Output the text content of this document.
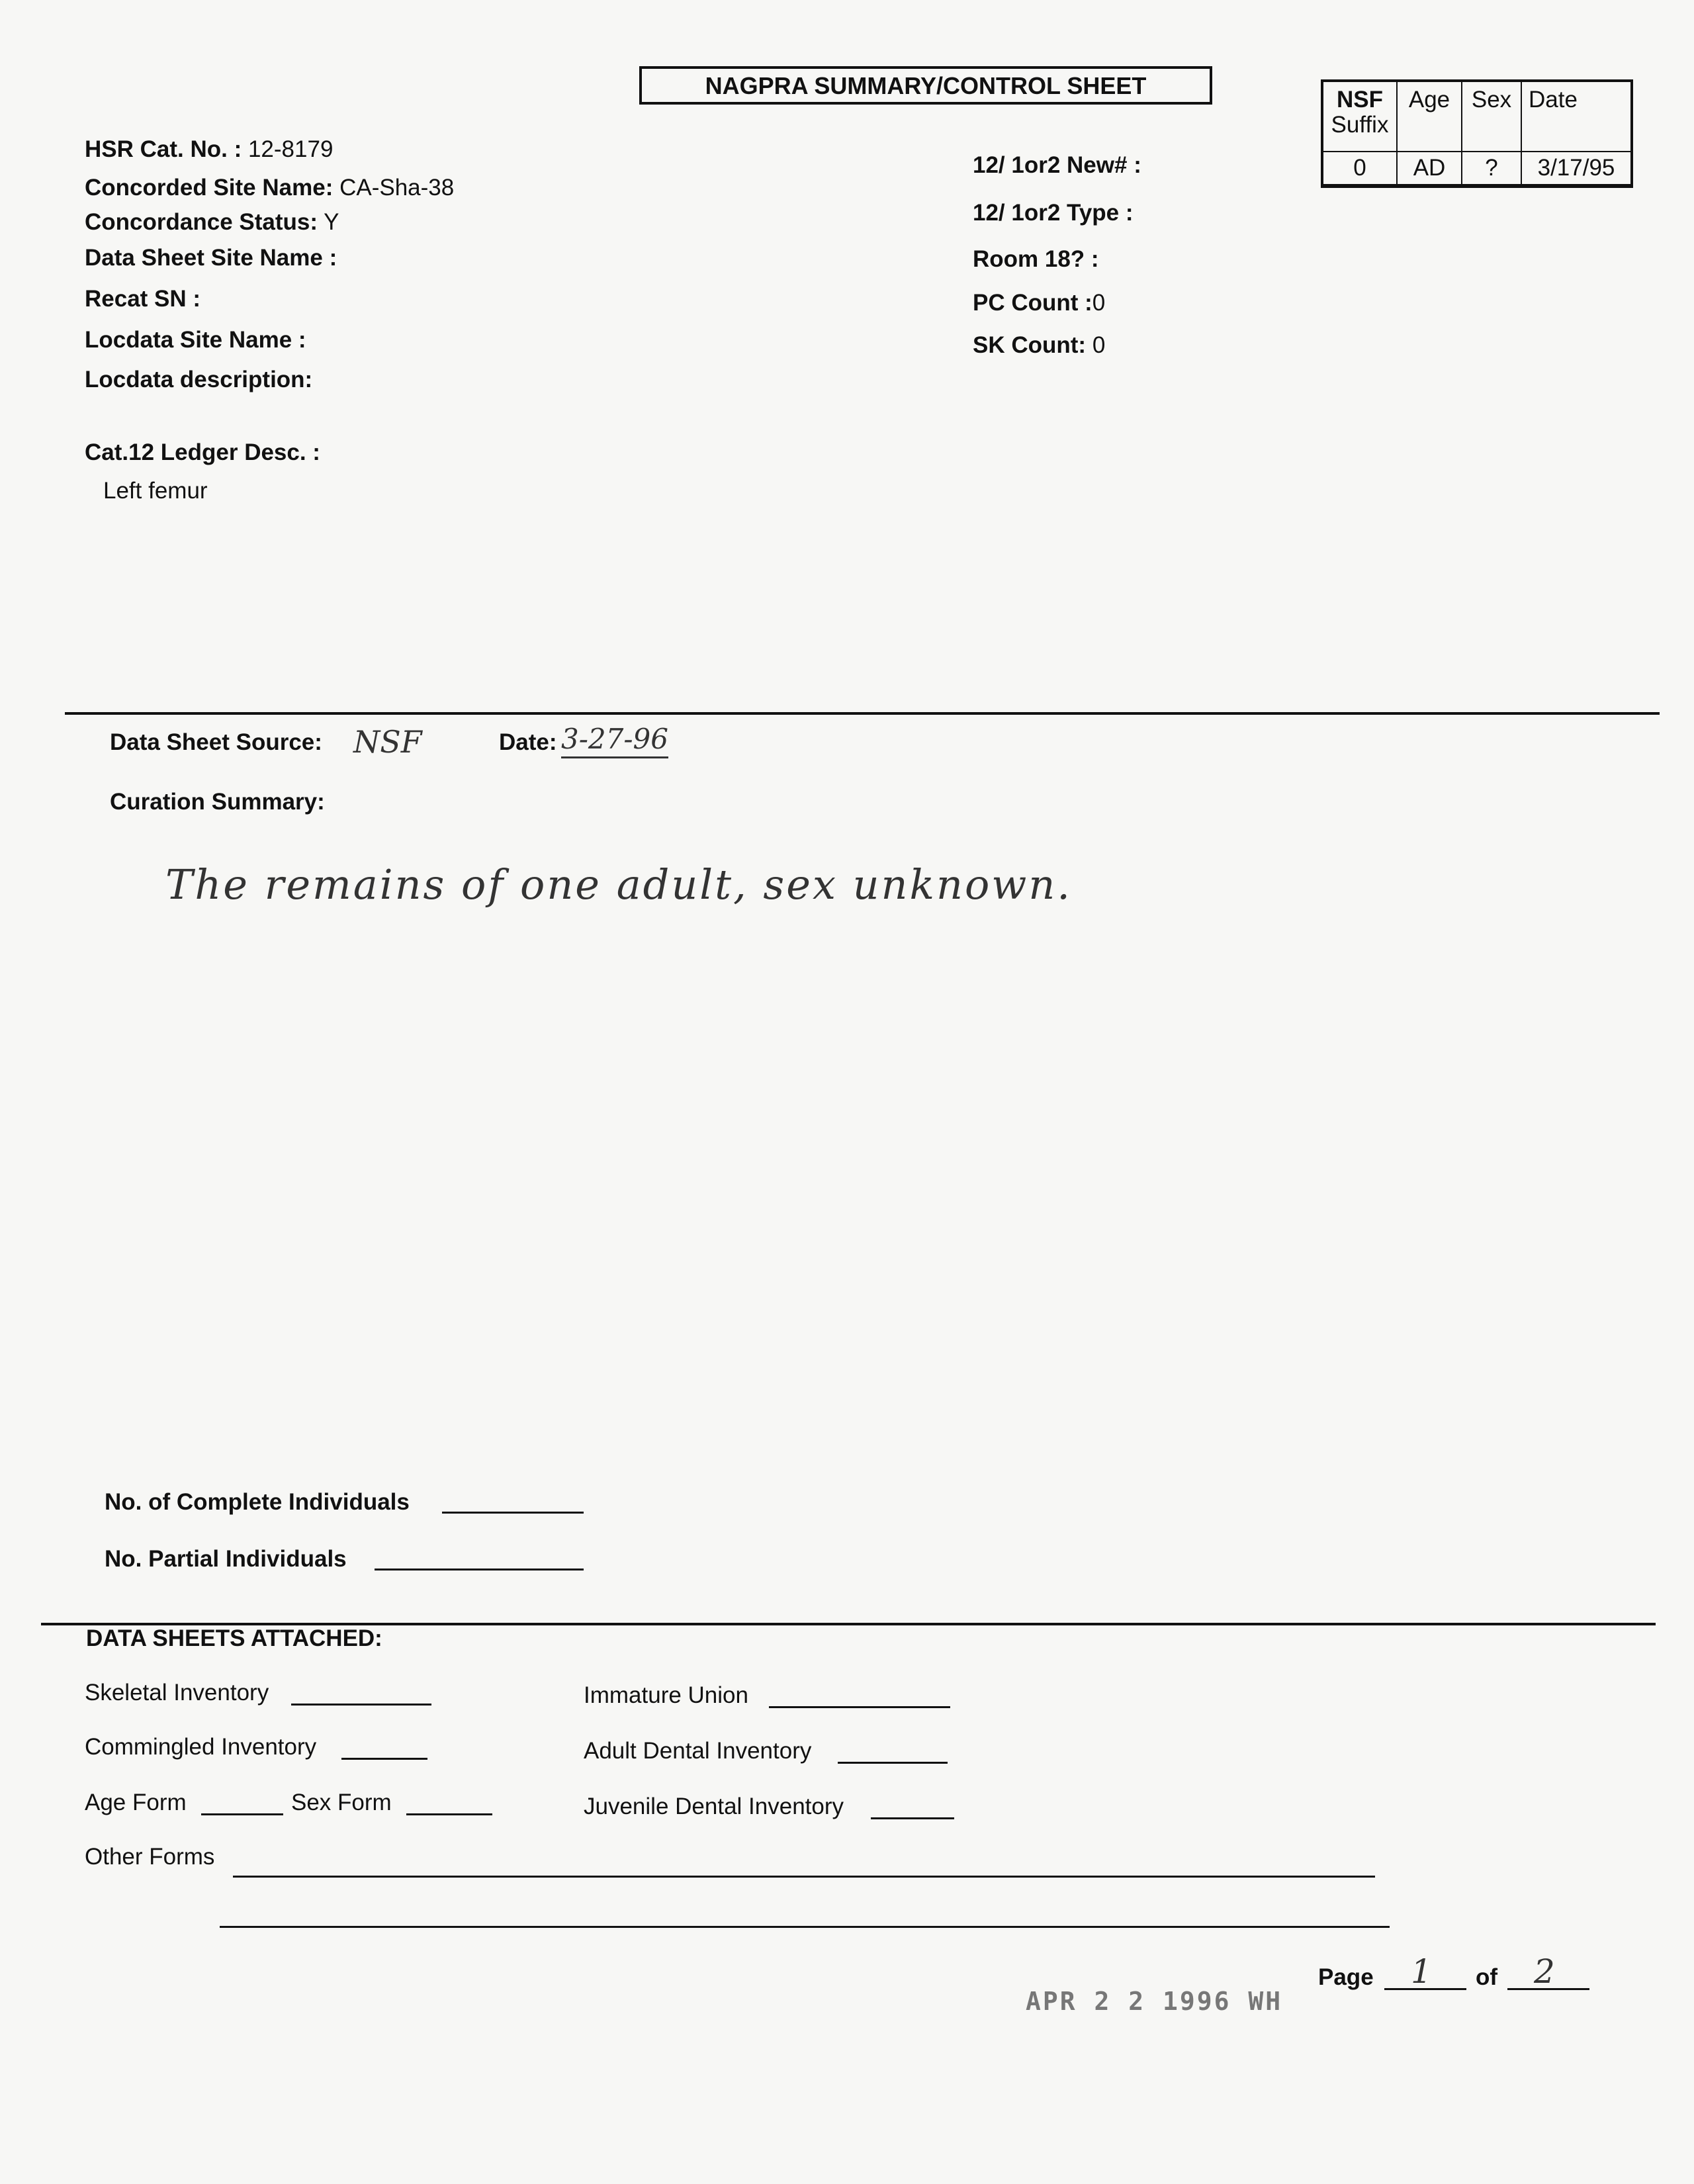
NAGPRA SUMMARY/CONTROL SHEET
NSF
Suffix	Age	Sex	Date
0	AD	?	3/17/95
HSR Cat. No. : 12-8179
Concorded Site Name: CA-Sha-38
Concordance Status: Y
Data Sheet Site Name :
Recat SN :
Locdata Site Name :
Locdata description:
Cat.12 Ledger Desc. :
Left femur
12/ 1or2 New# :
12/ 1or2 Type :
Room 18? :
PC Count :0
SK Count: 0
Data Sheet Source: NSF	Date: 3-27-96
Curation Summary:
The remains of one adult, sex unknown.
No. of Complete Individuals
No. Partial Individuals
DATA SHEETS ATTACHED:
Skeletal Inventory
Commingled Inventory
Age Form	Sex Form
Other Forms
Immature Union
Adult Dental Inventory
Juvenile Dental Inventory
APR 2 2 1996 WH
Page 1 of 2
